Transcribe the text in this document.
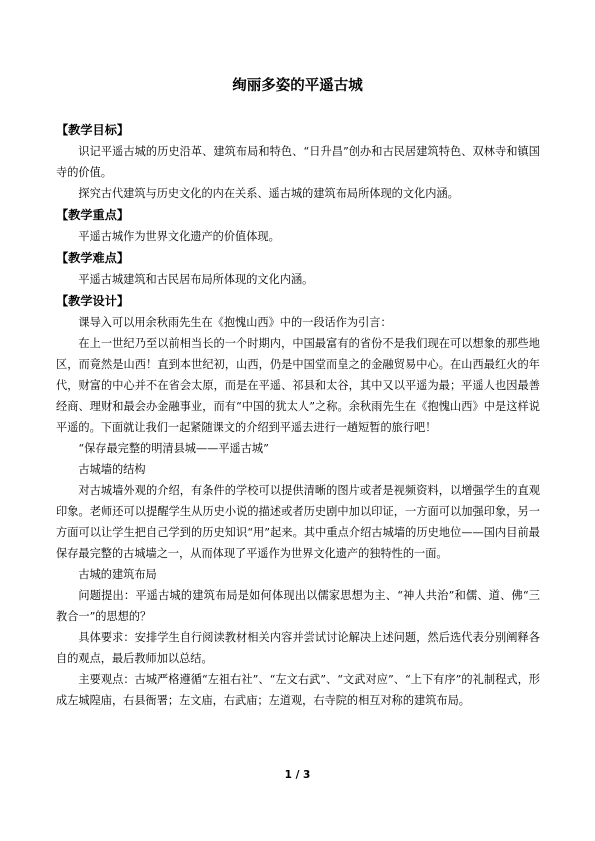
绚丽多姿的平遥古城

【教学目标】

识记平遥古城的历史沿革、建筑布局和特色、“日升昌”创办和古民居建筑特色、双林寺和镇国寺的价值。

探究古代建筑与历史文化的内在关系、遥古城的建筑布局所体现的文化内涵。

【教学重点】

平遥古城作为世界文化遗产的价值体现。

【教学难点】

平遥古城建筑和古民居布局所体现的文化内涵。

【教学设计】

课导入可以用余秋雨先生在《抱愧山西》中的一段话作为引言：

在上一世纪乃至以前相当长的一个时期内，中国最富有的省份不是我们现在可以想象的那些地区，而竟然是山西！直到本世纪初，山西，仍是中国堂而皇之的金融贸易中心。在山西最红火的年代，财富的中心并不在省会太原，而是在平遥、祁县和太谷，其中又以平遥为最；平遥人也因最善经商、理财和最会办金融事业，而有“中国的犹太人”之称。余秋雨先生在《抱愧山西》中是这样说平遥的。下面就让我们一起紧随课文的介绍到平遥去进行一趟短暂的旅行吧！

“保存最完整的明清县城——平遥古城”

古城墙的结构

对古城墙外观的介绍，有条件的学校可以提供清晰的图片或者是视频资料，以增强学生的直观印象。老师还可以提醒学生从历史小说的描述或者历史剧中加以印证，一方面可以加强印象，另一方面可以让学生把自己学到的历史知识“用”起来。其中重点介绍古城墙的历史地位——国内目前最保存最完整的古城墙之一，从而体现了平遥作为世界文化遗产的独特性的一面。

古城的建筑布局

问题提出：平遥古城的建筑布局是如何体现出以儒家思想为主、“神人共治”和儒、道、佛“三教合一”的思想的？

具体要求：安排学生自行阅读教材相关内容并尝试讨论解决上述问题，然后选代表分别阐释各自的观点，最后教师加以总结。

主要观点：古城严格遵循“左祖右社”、“左文右武”、“文武对应”、“上下有序”的礼制程式，形成左城隍庙，右县衙署；左文庙，右武庙；左道观，右寺院的相互对称的建筑布局。

1 / 3
